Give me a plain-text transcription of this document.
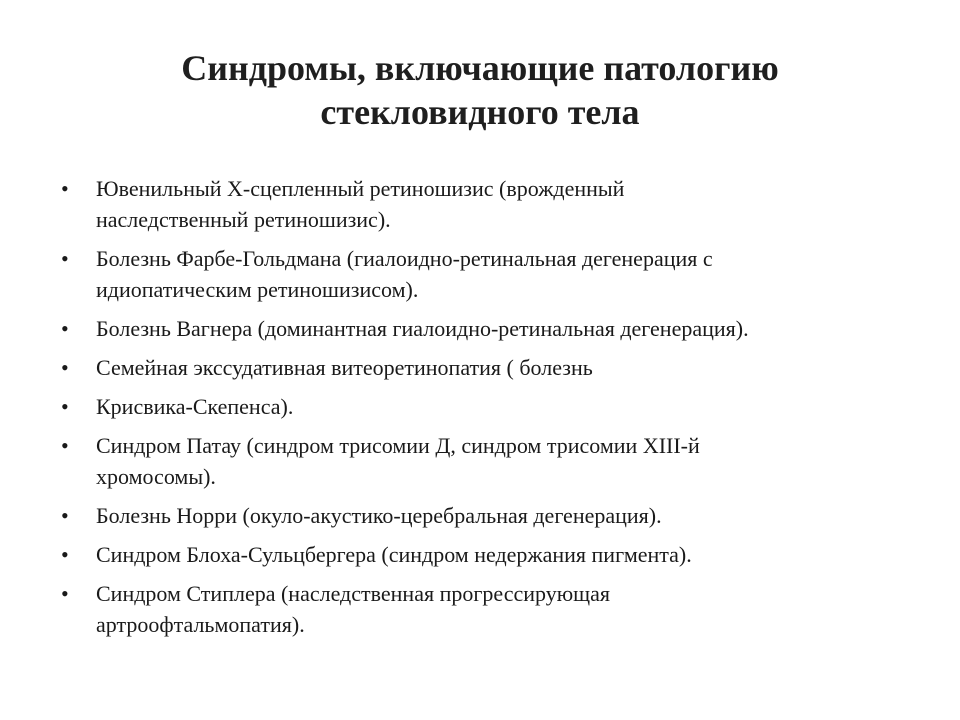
Синдромы, включающие патологию
стекловидного тела
• Ювенильный Х-сцепленный ретиношизис (врожденный
наследственный ретиношизис).
• Болезнь Фарбе-Гольдмана (гиалоидно-ретинальная дегенерация с
идиопатическим ретиношизисом).
• Болезнь Вагнера (доминантная гиалоидно-ретинальная дегенерация).
• Семейная экссудативная витеоретинопатия ( болезнь
• Крисвика-Скепенса).
• Синдром Патау (синдром трисомии Д, синдром трисомии XIII-й
хромосомы).
• Болезнь Норри (окуло-акустико-церебральная дегенерация).
• Синдром Блоха-Сульцбергера (синдром недержания пигмента).
• Синдром Стиплера (наследственная прогрессирующая
артроофтальмопатия).
